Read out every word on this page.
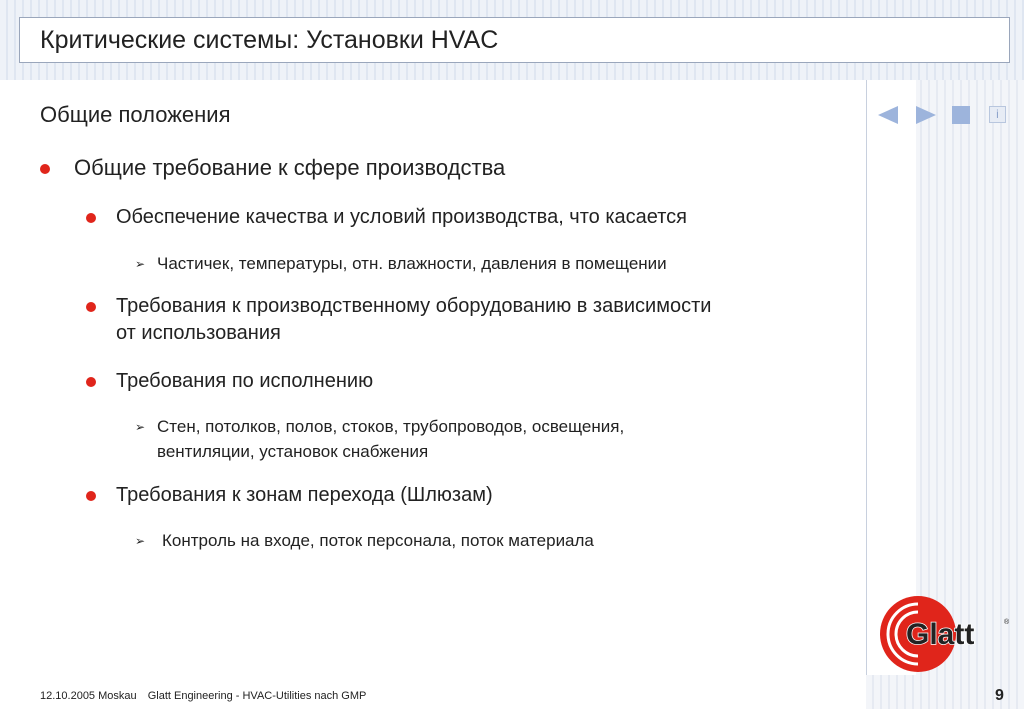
Критические системы: Установки HVAC
i
Общие положения
Общие требование к сфере производства
Обеспечение качества и условий производства, что касается
➢ Частичек, температуры, отн. влажности, давления в помещении
Требования к производственному оборудованию в зависимости
от использования
Требования по исполнению
➢ Стен, потолков, полов, стоков, трубопроводов, освещения,
вентиляции, установок снабжения
Требования к зонам перехода (Шлюзам)
➢ Контроль на входе, поток персонала, поток материала
Glatt	®
12.10.2005 Moskau Glatt Engineering - HVAC-Utilities nach GMP	9
